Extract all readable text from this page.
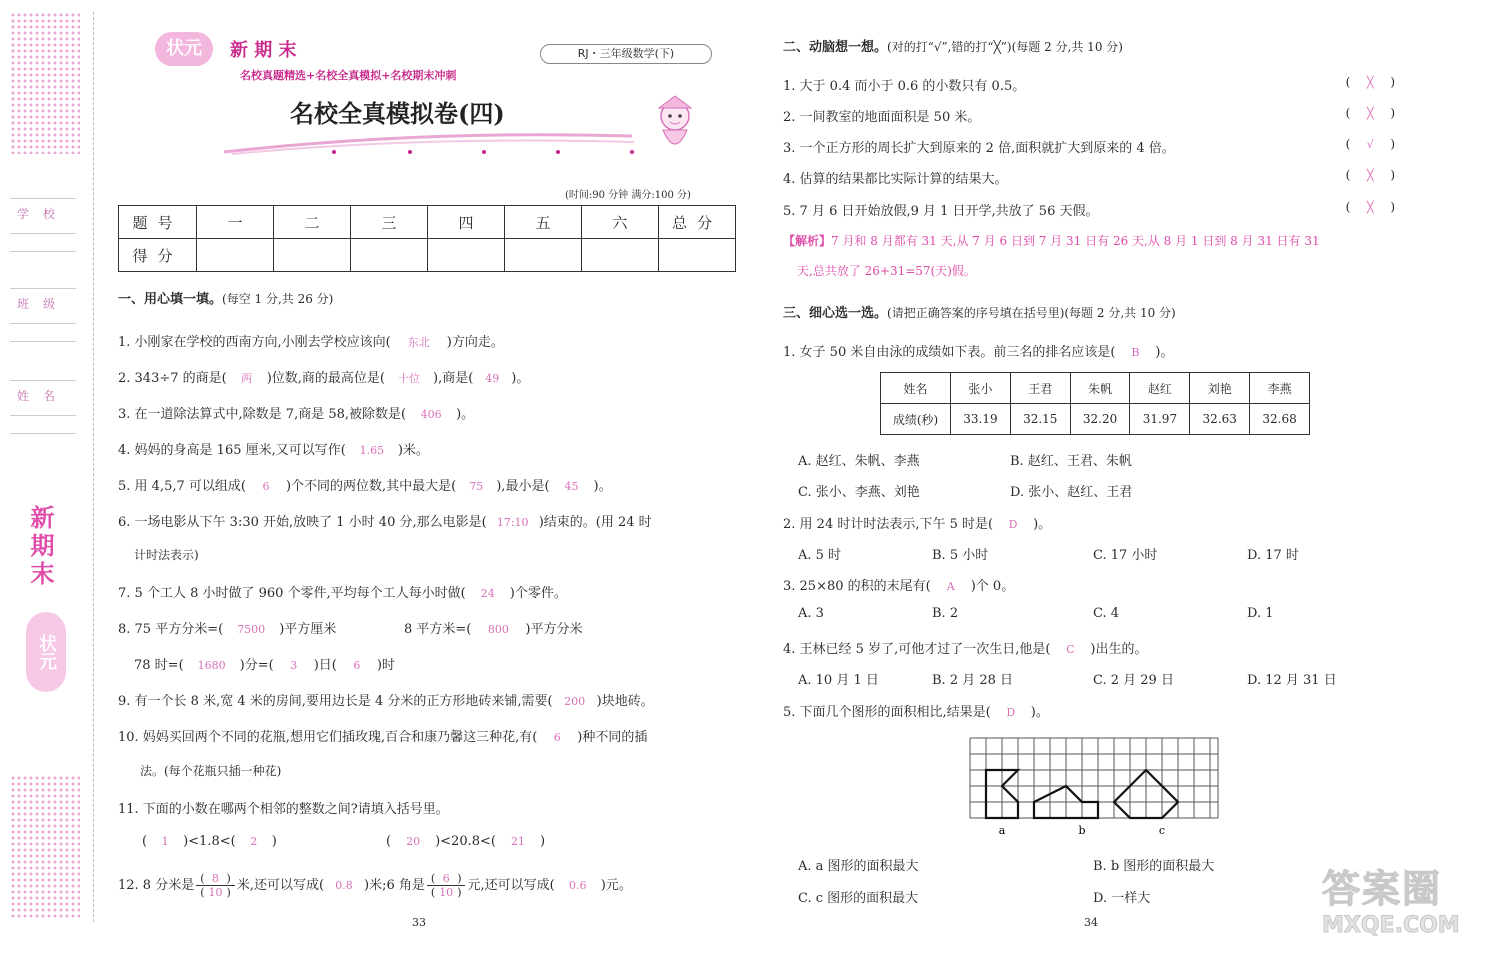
学校
班级
姓名
新期末
状元
状元	新 期 末	RJ・三年级数学(下)
名校真题精选+名校全真模拟+名校期末冲刺
名校全真模拟卷(四)
(时间:90 分钟 满分:100 分)
题号	一	二	三	四	五	六	总分
得分							
一、用心填一填。(每空 1 分,共 26 分)
1. 小刚家在学校的西南方向,小刚去学校应该向( 东北 )方向走。
2. 343÷7 的商是( 两 )位数,商的最高位是( 十位 ),商是( 49 )。
3. 在一道除法算式中,除数是 7,商是 58,被除数是( 406 )。
4. 妈妈的身高是 165 厘米,又可以写作( 1.65 )米。
5. 用 4,5,7 可以组成( 6 )个不同的两位数,其中最大是( 75 ),最小是( 45 )。
6. 一场电影从下午 3:30 开始,放映了 1 小时 40 分,那么电影是( 17:10 )结束的。(用 24 时
计时法表示)
7. 5 个工人 8 小时做了 960 个零件,平均每个工人每小时做( 24 )个零件。
8. 75 平方分米=( 7500 )平方厘米	8 平方米=( 800 )平方分米
78 时=( 1680 )分=( 3 )日( 6 )时
9. 有一个长 8 米,宽 4 米的房间,要用边长是 4 分米的正方形地砖来铺,需要( 200 )块地砖。
10. 妈妈买回两个不同的花瓶,想用它们插玫瑰,百合和康乃馨这三种花,有( 6 )种不同的插
法。(每个花瓶只插一种花)
11. 下面的小数在哪两个相邻的整数之间?请填入括号里。
( 1 )<1.8<( 2 )	( 20 )<20.8<( 21 )
12. 8 分米是 $\frac{( 8 )}{( 10 )}$ 米,还可以写成( 0.8 )米;6 角是 $\frac{( 6 )}{( 10 )}$ 元,还可以写成( 0.6 )元。
33
二、动脑想一想。(对的打“√”,错的打“╳”)(每题 2 分,共 10 分)
1. 大于 0.4 而小于 0.6 的小数只有 0.5。	( ╳ )
2. 一间教室的地面面积是 50 米。	( ╳ )
3. 一个正方形的周长扩大到原来的 2 倍,面积就扩大到原来的 4 倍。	( √ )
4. 估算的结果都比实际计算的结果大。	( ╳ )
5. 7 月 6 日开始放假,9 月 1 日开学,共放了 56 天假。	( ╳ )
【解析】7 月和 8 月都有 31 天,从 7 月 6 日到 7 月 31 日有 26 天,从 8 月 1 日到 8 月 31 日有 31
天,总共放了 26+31=57(天)假。
三、细心选一选。(请把正确答案的序号填在括号里)(每题 2 分,共 10 分)
1. 女子 50 米自由泳的成绩如下表。前三名的排名应该是( B )。
姓名	张小	王君	朱帆	赵红	刘艳	李燕
成绩(秒)	33.19	32.15	32.20	31.97	32.63	32.68
A. 赵红、朱帆、李燕	B. 赵红、王君、朱帆
C. 张小、李燕、刘艳	D. 张小、赵红、王君
2. 用 24 时计时法表示,下午 5 时是( D )。
A. 5 时	B. 5 小时	C. 17 小时	D. 17 时
3. 25×80 的积的末尾有( A )个 0。
A. 3	B. 2	C. 4	D. 1
4. 王林已经 5 岁了,可他才过了一次生日,他是( C )出生的。
A. 10 月 1 日	B. 2 月 28 日	C. 2 月 29 日	D. 12 月 31 日
5. 下面几个图形的面积相比,结果是( D )。
a	b	c
A. a 图形的面积最大	B. b 图形的面积最大
C. c 图形的面积最大	D. 一样大
34
答案圈
MXQE.COM
